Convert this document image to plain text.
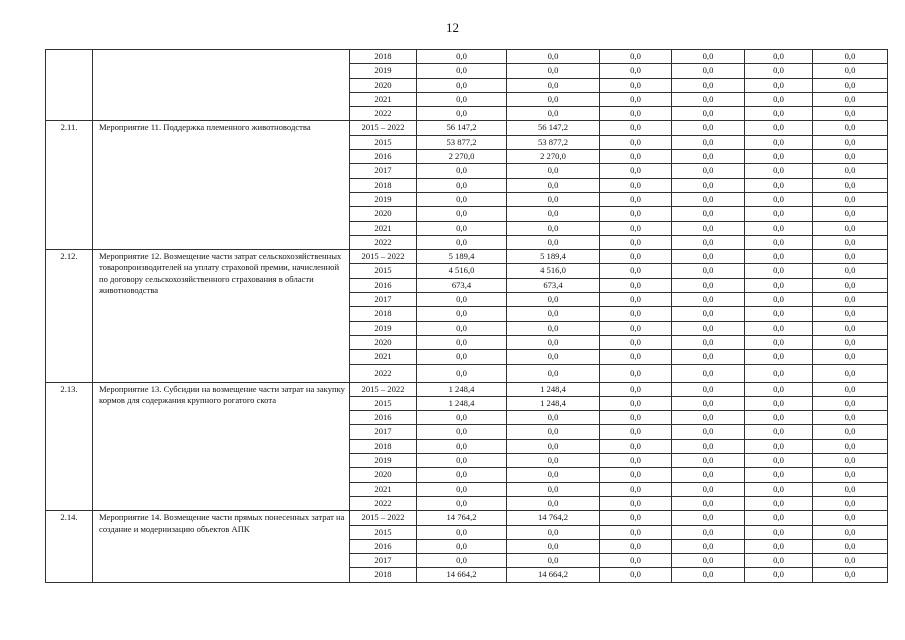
12
		2018	0,0	0,0	0,0	0,0	0,0	0,0
		2019	0,0	0,0	0,0	0,0	0,0	0,0
		2020	0,0	0,0	0,0	0,0	0,0	0,0
		2021	0,0	0,0	0,0	0,0	0,0	0,0
		2022	0,0	0,0	0,0	0,0	0,0	0,0
2.11.	Мероприятие 11. Поддержка племенного животноводства	2015 – 2022	56 147,2	56 147,2	0,0	0,0	0,0	0,0
		2015	53 877,2	53 877,2	0,0	0,0	0,0	0,0
		2016	2 270,0	2 270,0	0,0	0,0	0,0	0,0
		2017	0,0	0,0	0,0	0,0	0,0	0,0
		2018	0,0	0,0	0,0	0,0	0,0	0,0
		2019	0,0	0,0	0,0	0,0	0,0	0,0
		2020	0,0	0,0	0,0	0,0	0,0	0,0
		2021	0,0	0,0	0,0	0,0	0,0	0,0
		2022	0,0	0,0	0,0	0,0	0,0	0,0
2.12.	Мероприятие 12. Возмещение части затрат сельскохозяйственных товаропроизводителей на уплату страховой премии, начисленной по договору сельскохозяйственного страхования в области животноводства	2015 – 2022	5 189,4	5 189,4	0,0	0,0	0,0	0,0
		2015	4 516,0	4 516,0	0,0	0,0	0,0	0,0
		2016	673,4	673,4	0,0	0,0	0,0	0,0
		2017	0,0	0,0	0,0	0,0	0,0	0,0
		2018	0,0	0,0	0,0	0,0	0,0	0,0
		2019	0,0	0,0	0,0	0,0	0,0	0,0
		2020	0,0	0,0	0,0	0,0	0,0	0,0
		2021	0,0	0,0	0,0	0,0	0,0	0,0
		2022	0,0	0,0	0,0	0,0	0,0	0,0
2.13.	Мероприятие 13. Субсидии на возмещение части затрат на закупку кормов для содержания крупного рогатого скота	2015 – 2022	1 248,4	1 248,4	0,0	0,0	0,0	0,0
		2015	1 248,4	1 248,4	0,0	0,0	0,0	0,0
		2016	0,0	0,0	0,0	0,0	0,0	0,0
		2017	0,0	0,0	0,0	0,0	0,0	0,0
		2018	0,0	0,0	0,0	0,0	0,0	0,0
		2019	0,0	0,0	0,0	0,0	0,0	0,0
		2020	0,0	0,0	0,0	0,0	0,0	0,0
		2021	0,0	0,0	0,0	0,0	0,0	0,0
		2022	0,0	0,0	0,0	0,0	0,0	0,0
2.14.	Мероприятие 14. Возмещение части прямых понесенных затрат на создание и модернизацию объектов АПК	2015 – 2022	14 764,2	14 764,2	0,0	0,0	0,0	0,0
		2015	0,0	0,0	0,0	0,0	0,0	0,0
		2016	0,0	0,0	0,0	0,0	0,0	0,0
		2017	0,0	0,0	0,0	0,0	0,0	0,0
		2018	14 664,2	14 664,2	0,0	0,0	0,0	0,0
